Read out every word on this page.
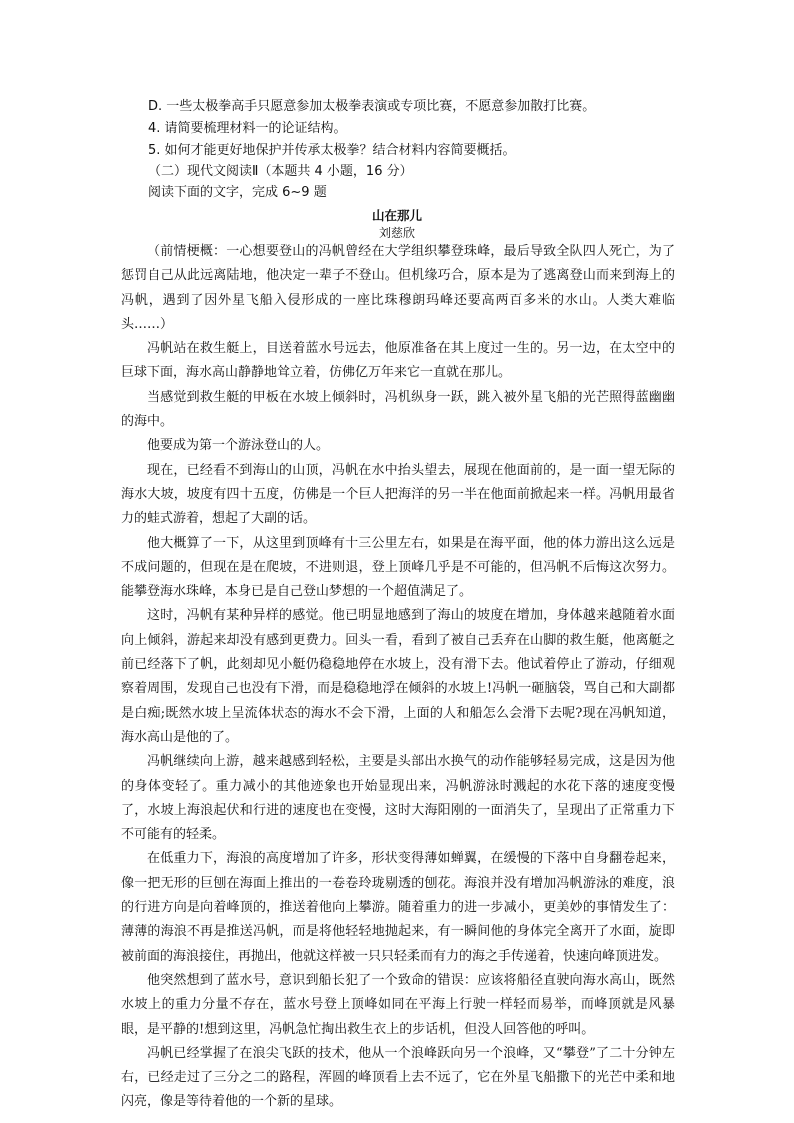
D. 一些太极拳高手只愿意参加太极拳表演或专项比赛，不愿意参加散打比赛。
4. 请简要梳理材料一的论证结构。
5. 如何才能更好地保护并传承太极拳？结合材料内容简要概括。
（二）现代文阅读Ⅱ（本题共 4 小题，16 分）
阅读下面的文字，完成 6~9 题
山在那儿
刘慈欣

（前情梗概：一心想要登山的冯帆曾经在大学组织攀登珠峰，最后导致全队四人死亡，为了惩罚自己从此远离陆地，他决定一辈子不登山。但机缘巧合，原本是为了逃离登山而来到海上的冯帆，遇到了因外星飞船入侵形成的一座比珠穆朗玛峰还要高两百多米的水山。人类大难临头……）

冯帆站在救生艇上，目送着蓝水号远去，他原准备在其上度过一生的。另一边，在太空中的巨球下面，海水高山静静地耸立着，仿佛亿万年来它一直就在那儿。

当感觉到救生艇的甲板在水坡上倾斜时，冯机纵身一跃，跳入被外星飞船的光芒照得蓝幽幽的海中。

他要成为第一个游泳登山的人。

现在，已经看不到海山的山顶，冯帆在水中抬头望去，展现在他面前的，是一面一望无际的海水大坡，坡度有四十五度，仿佛是一个巨人把海洋的另一半在他面前掀起来一样。冯帆用最省力的蛙式游着，想起了大副的话。

他大概算了一下，从这里到顶峰有十三公里左右，如果是在海平面，他的体力游出这么远是不成问题的，但现在是在爬坡，不进则退，登上顶峰几乎是不可能的，但冯帆不后悔这次努力。能攀登海水珠峰，本身已是自己登山梦想的一个超值满足了。

这时，冯帆有某种异样的感觉。他已明显地感到了海山的坡度在增加，身体越来越随着水面向上倾斜，游起来却没有感到更费力。回头一看，看到了被自己丢弃在山脚的救生艇，他离艇之前已经落下了帆，此刻却见小艇仍稳稳地停在水坡上，没有滑下去。他试着停止了游动，仔细观察着周围，发现自己也没有下滑，而是稳稳地浮在倾斜的水坡上!冯帆一砸脑袋，骂自己和大副都是白痴;既然水坡上呈流体状态的海水不会下滑，上面的人和船怎么会滑下去呢?现在冯帆知道，海水高山是他的了。

冯帆继续向上游，越来越感到轻松，主要是头部出水换气的动作能够轻易完成，这是因为他的身体变轻了。重力减小的其他迹象也开始显现出来，冯帆游泳时溅起的水花下落的速度变慢了，水坡上海浪起伏和行进的速度也在变慢，这时大海阳刚的一面消失了，呈现出了正常重力下不可能有的轻柔。

在低重力下，海浪的高度增加了许多，形状变得薄如蝉翼，在缓慢的下落中自身翻卷起来，像一把无形的巨刨在海面上推出的一卷卷玲珑剔透的刨花。海浪并没有增加冯帆游泳的难度，浪的行进方向是向着峰顶的，推送着他向上攀游。随着重力的进一步减小，更美妙的事情发生了：薄薄的海浪不再是推送冯帆，而是将他轻轻地抛起来，有一瞬间他的身体完全离开了水面，旋即被前面的海浪接住，再抛出，他就这样被一只只轻柔而有力的海之手传递着，快速向峰顶进发。

他突然想到了蓝水号，意识到船长犯了一个致命的错误：应该将船径直驶向海水高山，既然水坡上的重力分量不存在，蓝水号登上顶峰如同在平海上行驶一样轻而易举，而峰顶就是风暴眼，是平静的!想到这里，冯帆急忙掏出救生衣上的步话机，但没人回答他的呼叫。

冯帆已经掌握了在浪尖飞跃的技术，他从一个浪峰跃向另一个浪峰，又“攀登”了二十分钟左右，已经走过了三分之二的路程，浑圆的峰顶看上去不远了，它在外星飞船撒下的光芒中柔和地闪亮，像是等待着他的一个新的星球。
